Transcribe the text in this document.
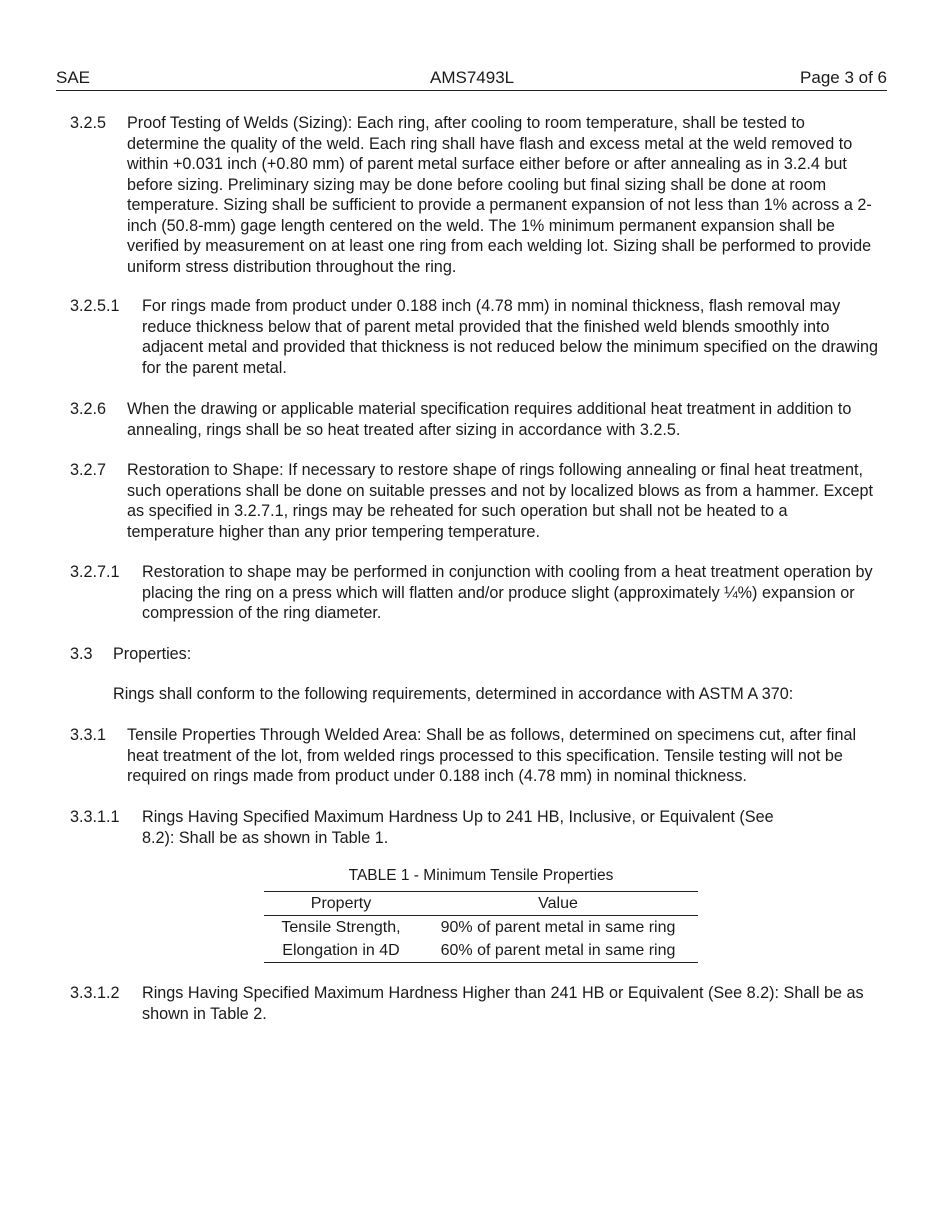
SAE	AMS7493L	Page 3 of 6
3.2.5 Proof Testing of Welds (Sizing): Each ring, after cooling to room temperature, shall be tested to determine the quality of the weld. Each ring shall have flash and excess metal at the weld removed to within +0.031 inch (+0.80 mm) of parent metal surface either before or after annealing as in 3.2.4 but before sizing. Preliminary sizing may be done before cooling but final sizing shall be done at room temperature. Sizing shall be sufficient to provide a permanent expansion of not less than 1% across a 2-inch (50.8-mm) gage length centered on the weld. The 1% minimum permanent expansion shall be verified by measurement on at least one ring from each welding lot. Sizing shall be performed to provide uniform stress distribution throughout the ring.
3.2.5.1 For rings made from product under 0.188 inch (4.78 mm) in nominal thickness, flash removal may reduce thickness below that of parent metal provided that the finished weld blends smoothly into adjacent metal and provided that thickness is not reduced below the minimum specified on the drawing for the parent metal.
3.2.6 When the drawing or applicable material specification requires additional heat treatment in addition to annealing, rings shall be so heat treated after sizing in accordance with 3.2.5.
3.2.7 Restoration to Shape: If necessary to restore shape of rings following annealing or final heat treatment, such operations shall be done on suitable presses and not by localized blows as from a hammer. Except as specified in 3.2.7.1, rings may be reheated for such operation but shall not be heated to a temperature higher than any prior tempering temperature.
3.2.7.1 Restoration to shape may be performed in conjunction with cooling from a heat treatment operation by placing the ring on a press which will flatten and/or produce slight (approximately ¼%) expansion or compression of the ring diameter.
3.3 Properties:
Rings shall conform to the following requirements, determined in accordance with ASTM A 370:
3.3.1 Tensile Properties Through Welded Area: Shall be as follows, determined on specimens cut, after final heat treatment of the lot, from welded rings processed to this specification. Tensile testing will not be required on rings made from product under 0.188 inch (4.78 mm) in nominal thickness.
3.3.1.1 Rings Having Specified Maximum Hardness Up to 241 HB, Inclusive, or Equivalent (See 8.2): Shall be as shown in Table 1.
TABLE 1 - Minimum Tensile Properties
Property	Value
Tensile Strength,	90% of parent metal in same ring
Elongation in 4D	60% of parent metal in same ring
3.3.1.2 Rings Having Specified Maximum Hardness Higher than 241 HB or Equivalent (See 8.2): Shall be as shown in Table 2.
